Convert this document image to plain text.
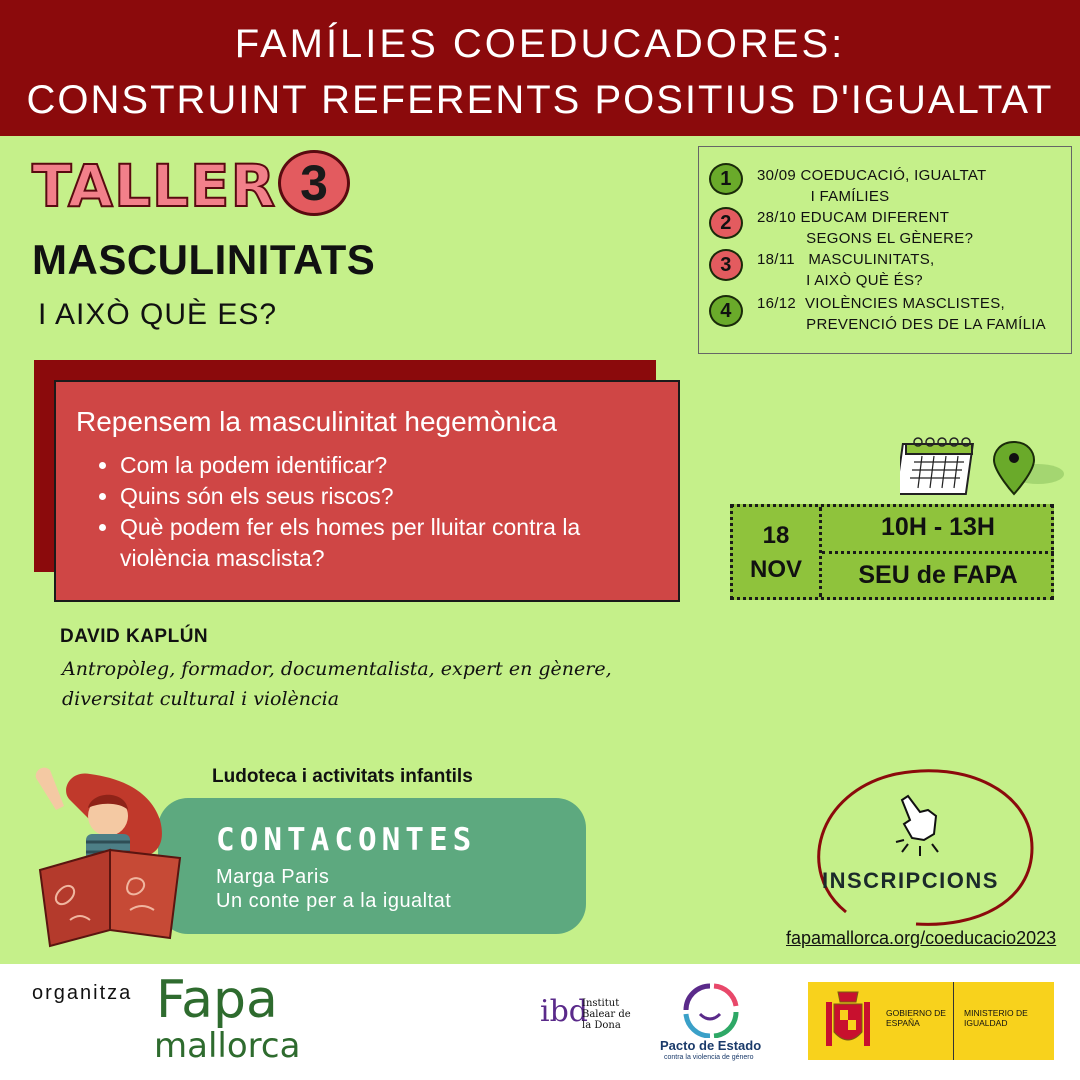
FAMÍLIES COEDUCADORES:
CONSTRUINT REFERENTS POSITIUS D'IGUALTAT
TALLER 3
MASCULINITATS
I AIXÒ QUÈ ES?
1	30/09 COEDUCACIÓ, IGUALTAT
I FAMÍLIES
2	28/10 EDUCAM DIFERENT
SEGONS EL GÈNERE?
3	18/11   MASCULINITATS,
I AIXÒ QUÈ ÉS?
4	16/12  VIOLÈNCIES MASCLISTES,
PREVENCIÓ DES DE LA FAMÍLIA
Repensem la masculinitat hegemònica
• Com la podem identificar?
• Quins són els seus riscos?
• Què podem fer els homes per lluitar contra la violència masclista?
DAVID KAPLÚN
Antropòleg, formador, documentalista, expert en gènere, diversitat cultural i violència
18
NOV
10H - 13H
SEU de FAPA
Ludoteca i activitats infantils
CONTACONTES
Marga Paris
Un conte per a la igualtat
INSCRIPCIONS
fapamallorca.org/coeducacio2023
organitza Fapa
mallorca
ibd
Institut Balear de la Dona
Pacto de Estado
contra la violencia de género
GOBIERNO DE ESPAÑA
MINISTERIO DE IGUALDAD
